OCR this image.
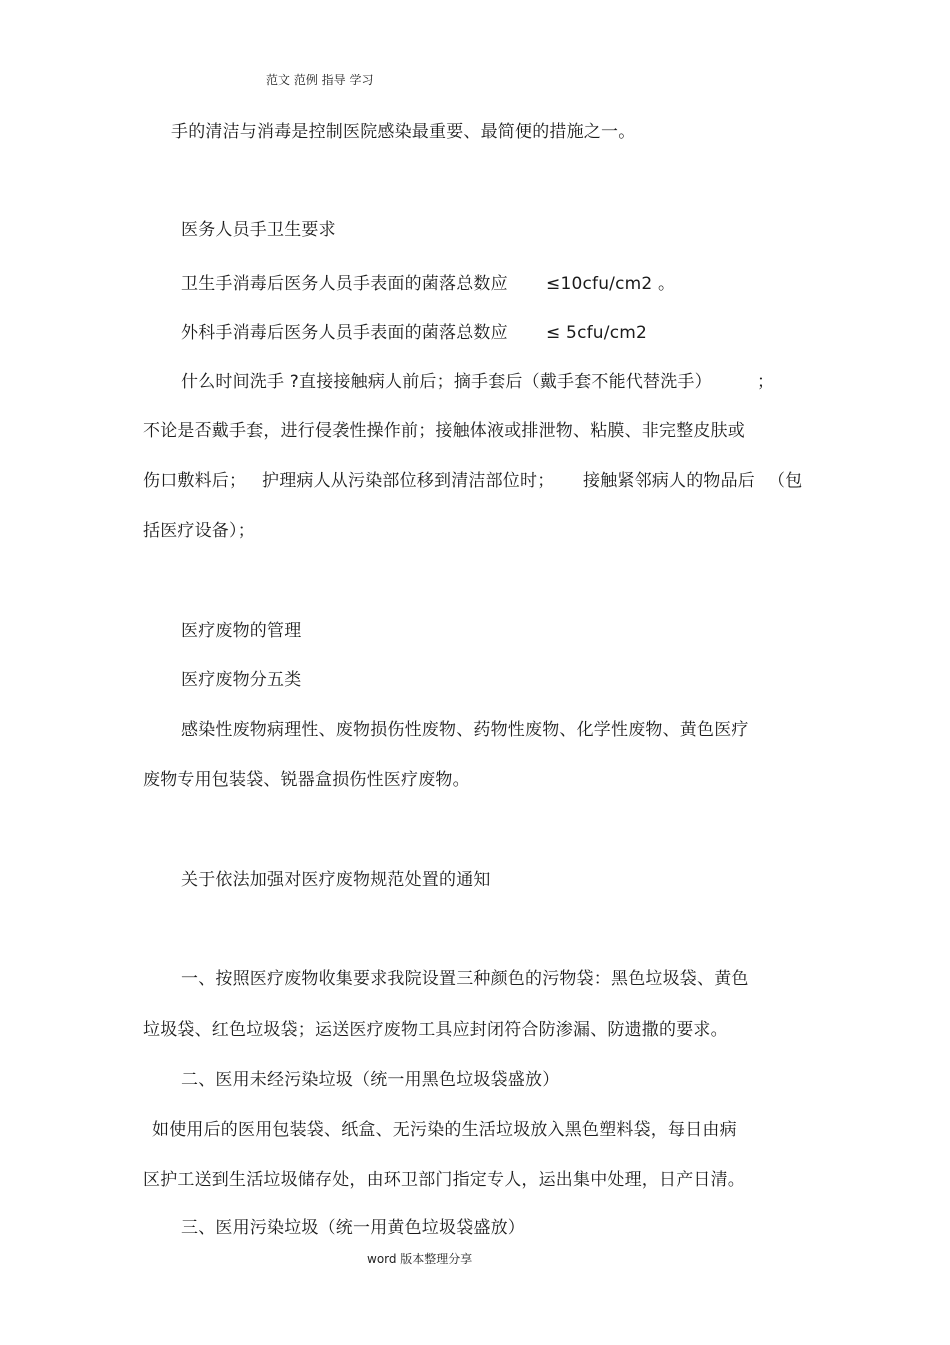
范文 范例 指导 学习
手的清洁与消毒是控制医院感染最重要、最简便的措施之一。
医务人员手卫生要求
卫生手消毒后医务人员手表面的菌落总数应 ≤10cfu/cm2 。
外科手消毒后医务人员手表面的菌落总数应 ≤ 5cfu/cm2
什么时间洗手 ?直接接触病人前后；摘手套后（戴手套不能代替洗手）	；
不论是否戴手套，进行侵袭性操作前；接触体液或排泄物、粘膜、非完整皮肤或
伤口敷料后； 护理病人从污染部位移到清洁部位时； 接触紧邻病人的物品后 （包
括医疗设备）；
医疗废物的管理
医疗废物分五类
感染性废物病理性、废物损伤性废物、药物性废物、化学性废物、黄色医疗
废物专用包装袋、锐器盒损伤性医疗废物。
关于依法加强对医疗废物规范处置的通知
一、按照医疗废物收集要求我院设置三种颜色的污物袋：黑色垃圾袋、黄色
垃圾袋、红色垃圾袋；运送医疗废物工具应封闭符合防渗漏、防遗撒的要求。
二、医用未经污染垃圾（统一用黑色垃圾袋盛放）
如使用后的医用包装袋、纸盒、无污染的生活垃圾放入黑色塑料袋，每日由病
区护工送到生活垃圾储存处，由环卫部门指定专人，运出集中处理，日产日清。
三、医用污染垃圾（统一用黄色垃圾袋盛放）
word 版本整理分享
